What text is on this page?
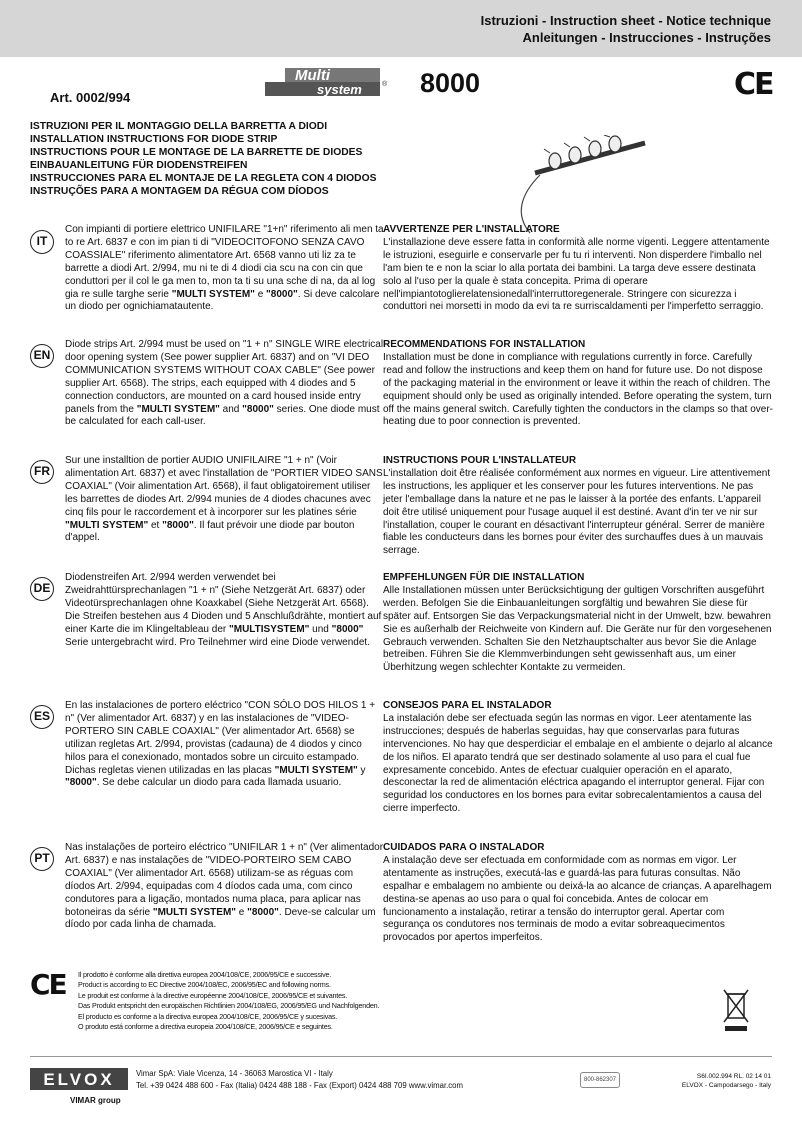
Istruzioni - Instruction sheet - Notice technique
Anleitungen - Instrucciones - Instruções
Art. 0002/994
Multi
system	® 8000	CE
ISTRUZIONI PER IL MONTAGGIO DELLA BARRETTA A DIODI
INSTALLATION INSTRUCTIONS FOR DIODE STRIP
INSTRUCTIONS POUR LE MONTAGE DE LA BARRETTE DE DIODES
EINBAUANLEITUNG FÜR DIODENSTREIFEN
INSTRUCCIONES PARA EL MONTAJE DE LA REGLETA CON 4 DIODOS
INSTRUÇÕES PARA A MONTAGEM DA RÉGUA COM DÍODOS
IT
Con impianti di portiere elettrico UNIFILARE "1+n" riferimento ali men ta to re Art. 6837 e con im pian ti di "VIDEOCITOFONO SENZA CAVO COASSIALE" riferimento alimentatore Art. 6568 vanno uti liz za te barrette a diodi Art. 2/994, mu ni te di 4 diodi cia scu na con cin que conduttori per il col le ga men to, mon ta ti su una sche di na, da al log gia re sulle targhe serie "MULTI SYSTEM" e "8000". Si deve calcolare un diodo per ognichiamatautente.
AVVERTENZE PER L'INSTALLATORE
L'installazione deve essere fatta in conformità alle norme vigenti. Leggere attentamente le istruzioni, eseguirle e conservarle per fu tu ri interventi. Non disperdere l'imballo nel l'am bien te e non la sciar lo alla portata dei bambini. La targa deve essere destinata solo al l'uso per la quale è stata concepita. Prima di operare nell'impiantotoglierelatensionedall'interruttoregenerale. Stringere con sicurezza i conduttori nei morsetti in modo da evi ta re surriscaldamenti per l'imperfetto serraggio.
EN
Diode strips Art. 2/994 must be used on "1 + n" SINGLE WIRE electrical door opening system (See power supplier Art. 6837) and on "VI DEO COMMUNICATION SYSTEMS WITHOUT COAX CABLE" (See power supplier Art. 6568). The strips, each equipped with 4 diodes and 5 connection conductors, are mounted on a card housed inside entry panels from the "MULTI SYSTEM" and "8000" series. One diode must be calculated for each call-user.
RECOMMENDATIONS FOR INSTALLATION
Installation must be done in compliance with regulations currently in force. Carefully read and follow the instructions and keep them on hand for future use. Do not dispose of the packaging material in the environment or leave it within the reach of children. The equipment should only be used as originally intended. Before operating the system, turn off the mains general switch. Carefully tighten the conductors in the clamps so that over-heating due to poor connection is prevented.
FR
Sur une installtion de portier AUDIO UNIFILAIRE "1 + n" (Voir alimentation Art. 6837) et avec l'installation de "PORTIER VIDEO SANS COAXIAL" (Voir alimentation Art. 6568), il faut obligatoirement utiliser les barrettes de diodes Art. 2/994 munies de 4 diodes chacunes avec cinq fils pour le raccordement et à incorporer sur les platines série "MULTI SYSTEM" et "8000". Il faut prévoir une diode par bouton d'appel.
INSTRUCTIONS POUR L'INSTALLATEUR
L'installation doit être réalisée conformément aux normes en vigueur. Lire attentivement les instructions, les appliquer et les conserver pour les futures interventions. Ne pas jeter l'emballage dans la nature et ne pas le laisser à la portée des enfants. L'appareil doit être utilisé uniquement pour l'usage auquel il est destiné. Avant d'in ter ve nir sur l'installation, couper le courant en désactivant l'interrupteur général. Serrer de manière fiable les conducteurs dans les bornes pour éviter des surchauffes dues à un mauvais serrage.
DE
Diodenstreifen Art. 2/994 werden verwendet bei Zweidrahttürsprechanlagen "1 + n" (Siehe Netzgerät Art. 6837) oder Videotürsprechanlagen ohne Koaxkabel (Siehe Netzgerät Art. 6568). Die Streifen bestehen aus 4 Dioden und 5 Anschlußdrähte, montiert auf einer Karte die im Klingeltableau der "MULTISYSTEM" und "8000" Serie untergebracht wird. Pro Teilnehmer wird eine Diode verwendet.
EMPFEHLUNGEN FÜR DIE INSTALLATION
Alle Installationen müssen unter Berücksichtigung der gultigen Vorschriften ausgeführt werden. Befolgen Sie die Einbauanleitungen sorgfältig und bewahren Sie diese für später auf. Entsorgen Sie das Verpackungsmaterial nicht in der Umwelt, bzw. bewahren Sie es außerhalb der Reichweite von Kindern auf. Die Geräte nur für den vorgesehenen Gebrauch verwenden. Schalten Sie den Netzhauptschalter aus bevor Sie die Anlage betreiben. Führen Sie die Klemmverbindungen seht gewissenhaft aus, um einer Überhitzung wegen schlechter Kontakte zu vermeiden.
ES
En las instalaciones de portero eléctrico "CON SÓLO DOS HILOS 1 + n" (Ver alimentador Art. 6837) y en las instalaciones de "VIDEO-PORTERO SIN CABLE COAXIAL" (Ver alimentador Art. 6568) se utilizan regletas Art. 2/994, provistas (cadauna) de 4 diodos y cinco hilos para el conexionado, montados sobre un circuito estampado. Dichas regletas vienen utilizadas en las placas "MULTI SYSTEM" y "8000". Se debe calcular un diodo para cada llamada usuario.
CONSEJOS PARA EL INSTALADOR
La instalación debe ser efectuada según las normas en vigor. Leer atentamente las instrucciones; después de haberlas seguidas, hay que conservarlas para futuras intervenciones. No hay que desperdiciar el embalaje en el ambiente o dejarlo al alcance de los niños. El aparato tendrá que ser destinado solamente al uso para el cual fue expresamente concebido. Antes de efectuar cualquier operación en el aparato, desconectar la red de alimentación eléctrica apagando el interruptor general. Fijar con seguridad los conductores en los bornes para evitar sobrecalentamientos a causa del cierre imperfecto.
PT
Nas instalações de porteiro eléctrico "UNIFILAR 1 + n" (Ver alimentador Art. 6837) e nas instalações de "VIDEO-PORTEIRO SEM CABO COAXIAL" (Ver alimentador Art. 6568) utilizam-se as réguas com díodos Art. 2/994, equipadas com 4 díodos cada uma, com cinco condutores para a ligação, montados numa placa, para aplicar nas botoneiras da série "MULTI SYSTEM" e "8000". Deve-se calcular um díodo por cada linha de chamada.
CUIDADOS PARA O INSTALADOR
A instalação deve ser efectuada em conformidade com as normas em vigor. Ler atentamente as instruções, executá-las e guardá-las para futuras consultas. Não espalhar e embalagem no ambiente ou deixá-la ao alcance de crianças. A aparelhagem destina-se apenas ao uso para o qual foi concebida. Antes de colocar em funcionamento a instalação, retirar a tensão do interruptor geral. Apertar com segurança os condutores nos terminais de modo a evitar sobreaquecimentos provocados por apertos imperfeitos.
CE Il prodotto è conforme alla direttiva europea 2004/108/CE, 2006/95/CE e successive.
Product is according to EC Directive 2004/108/EC, 2006/95/EC and following norms.
Le produit est conforme à la directive européenne 2004/108/CE, 2006/95/CE et suivantes.
Das Produkt entspricht den europäischen Richtlinien 2004/108/EG, 2006/95/EG und Nachfolgenden.
El producto es conforme a la directiva europea 2004/108/CE, 2006/95/CE y sucesivas.
O produto está conforme a directiva europeia 2004/108/CE, 2006/95/CE e seguintes.
ELVOX
VIMAR group
Vimar SpA: Viale Vicenza, 14 - 36063 Marostica VI - Italy
Tel. +39 0424 488 600 - Fax (Italia) 0424 488 188 - Fax (Export) 0424 488 709 www.vimar.com
800-862307	S6I.002.994 RL. 02 14 01
ELVOX - Campodarsego - Italy
